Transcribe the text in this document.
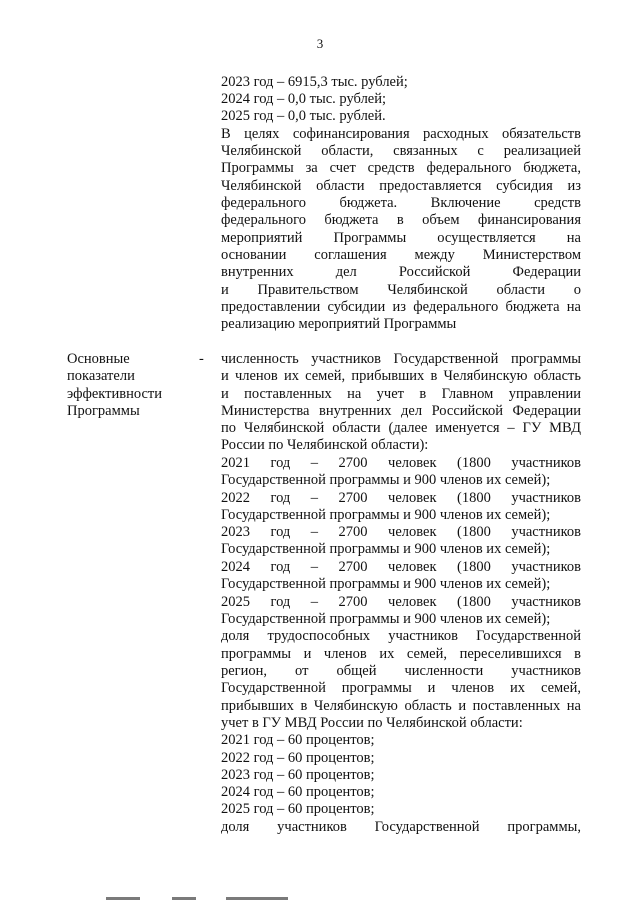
3
2023 год – 6915,3 тыс. рублей;
2024 год – 0,0 тыс. рублей;
2025 год – 0,0 тыс. рублей.
В целях софинансирования расходных обязательств
Челябинской области, связанных с реализацией
Программы за счет средств федерального бюджета,
Челябинской области предоставляется субсидия из
федерального бюджета. Включение средств
федерального бюджета в объем финансирования
мероприятий Программы осуществляется на
основании соглашения между Министерством
внутренних дел Российской Федерации
и Правительством Челябинской области о
предоставлении субсидии из федерального бюджета на
реализацию мероприятий Программы
Основные
показатели
эффективности
Программы
- численность участников Государственной программы
и членов их семей, прибывших в Челябинскую область
и поставленных на учет в Главном управлении
Министерства внутренних дел Российской Федерации
по Челябинской области (далее именуется – ГУ МВД
России по Челябинской области):
2021 год – 2700 человек (1800 участников
Государственной программы и 900 членов их семей);
2022 год – 2700 человек (1800 участников
Государственной программы и 900 членов их семей);
2023 год – 2700 человек (1800 участников
Государственной программы и 900 членов их семей);
2024 год – 2700 человек (1800 участников
Государственной программы и 900 членов их семей);
2025 год – 2700 человек (1800 участников
Государственной программы и 900 членов их семей);
доля трудоспособных участников Государственной
программы и членов их семей, переселившихся в
регион, от общей численности участников
Государственной программы и членов их семей,
прибывших в Челябинскую область и поставленных на
учет в ГУ МВД России по Челябинской области:
2021 год – 60 процентов;
2022 год – 60 процентов;
2023 год – 60 процентов;
2024 год – 60 процентов;
2025 год – 60 процентов;
доля участников Государственной программы,
